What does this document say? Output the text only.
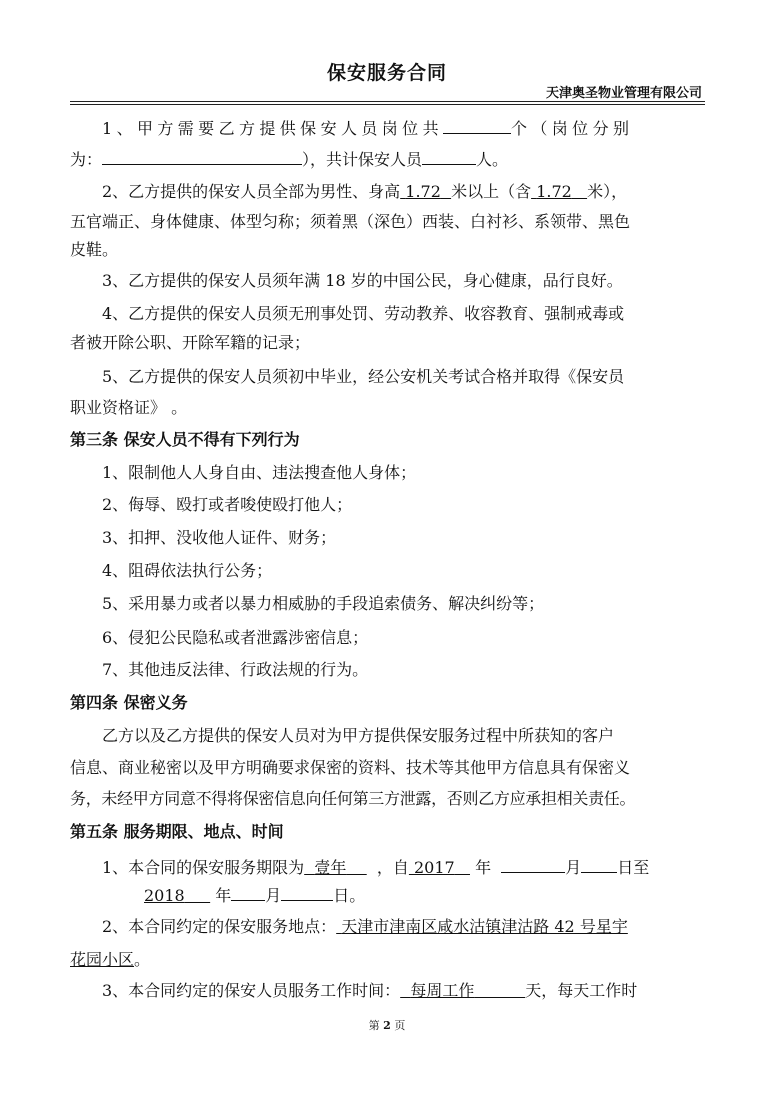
保安服务合同
天津奥圣物业管理有限公司
1、甲方需要乙方提供保安人员岗位共	个（岗位分别
为：	），共计保安人员	人。
2、乙方提供的保安人员全部为男性、身高 1.72 米以上（含 1.72 米），
五官端正、身体健康、体型匀称；须着黑（深色）西装、白衬衫、系领带、黑色
皮鞋。
3、乙方提供的保安人员须年满 18 岁的中国公民，身心健康，品行良好。
4、乙方提供的保安人员须无刑事处罚、劳动教养、收容教育、强制戒毒或
者被开除公职、开除军籍的记录；
5、乙方提供的保安人员须初中毕业，经公安机关考试合格并取得《保安员
职业资格证》 。
第三条 保安人员不得有下列行为
1、限制他人人身自由、违法搜查他人身体；
2、侮辱、殴打或者唆使殴打他人；
3、扣押、没收他人证件、财务；
4、阻碍依法执行公务；
5、采用暴力或者以暴力相威胁的手段追索债务、解决纠纷等；
6、侵犯公民隐私或者泄露涉密信息；
7、其他违反法律、行政法规的行为。
第四条 保密义务
乙方以及乙方提供的保安人员对为甲方提供保安服务过程中所获知的客户
信息、商业秘密以及甲方明确要求保密的资料、技术等其他甲方信息具有保密义
务，未经甲方同意不得将保密信息向任何第三方泄露，否则乙方应承担相关责任。
第五条 服务期限、地点、时间
1、本合同的保安服务期限为 壹年 ，自 2017 年	月 日至
2018 年 月	日。
2、本合同约定的保安服务地点： 天津市津南区咸水沽镇津沽路 42 号星宇
花园小区。
3、本合同约定的保安人员服务工作时间： 每周工作	天，每天工作时
第 2 页
